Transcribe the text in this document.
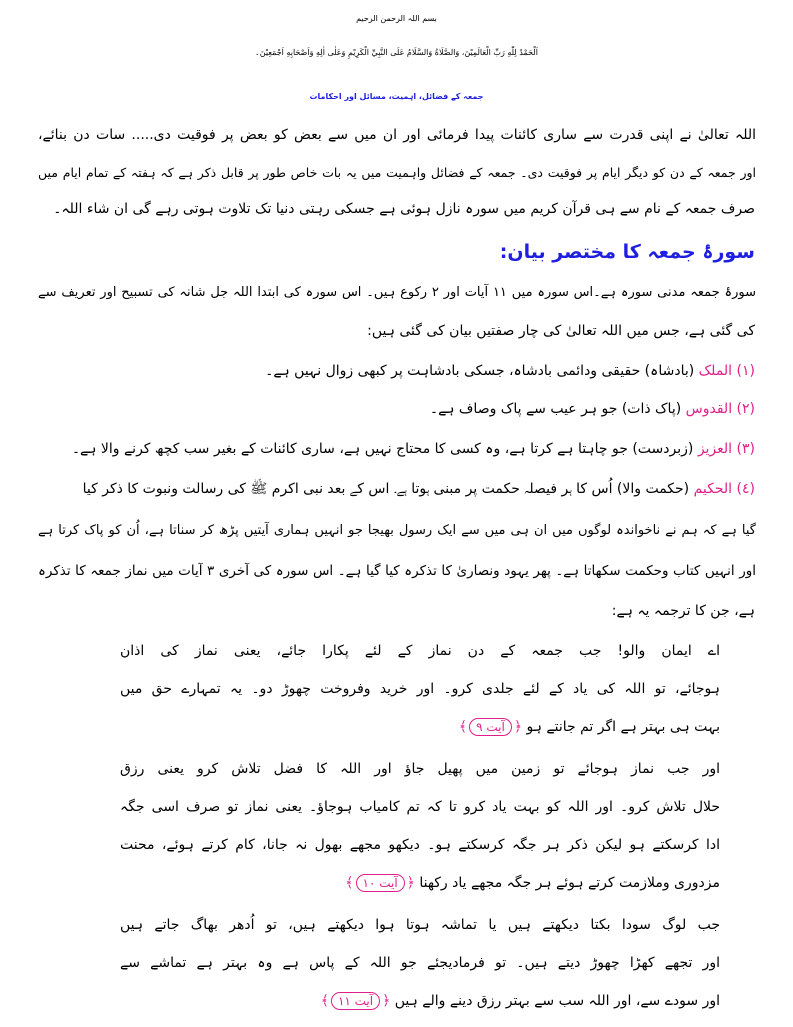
بسم اللہ الرحمن الرحیم
اَلْحَمْدُ لِلّٰهِ رَبِّ الْعَالَمِيْنَ، وَالصَّلَاةُ وَالسَّلَامُ عَلَى النَّبِيِّ الْكَرِيْمِ وَعَلٰى اٰلِهِ وَاَصْحَابِهِ اَجْمَعِيْنَ۔
جمعہ کے فضائل، اہمیت، مسائل اور احکامات
اللہ تعالیٰ نے اپنی قدرت سے ساری کائنات پیدا فرمائی اور ان میں سے بعض کو بعض پر فوقیت دی..... سات دن بنائے،
اور جمعہ کے دن کو دیگر ایام پر فوقیت دی۔ جمعہ کے فضائل واہمیت میں یہ بات خاص طور پر قابل ذکر ہے کہ ہفتہ کے تمام ایام میں
صرف جمعہ کے نام سے ہی قرآن کریم میں سورہ نازل ہوئی ہے جسکی رہتی دنیا تک تلاوت ہوتی رہے گی ان شاء اللہ۔
سورۂ جمعہ کا مختصر بیان:
سورۂ جمعہ مدنی سورہ ہے۔اس سورہ میں ١١ آیات اور ٢ رکوع ہیں۔ اس سورہ کی ابتدا اللہ جل شانہ کی تسبیح اور تعریف سے
کی گئی ہے، جس میں اللہ تعالیٰ کی چار صفتیں بیان کی گئی ہیں:
(١) الملک (بادشاہ) حقیقی ودائمی بادشاہ، جسکی بادشاہت پر کبھی زوال نہیں ہے۔
(٢) القدوس (پاک ذات) جو ہر عیب سے پاک وصاف ہے۔
(٣) العزیز (زبردست) جو چاہتا ہے کرتا ہے، وہ کسی کا محتاج نہیں ہے، ساری کائنات کے بغیر سب کچھ کرنے والا ہے۔
(٤) الحکیم (حکمت والا) اُس کا ہر فیصلہ حکمت پر مبنی ہوتا ہے۔ اس کے بعد نبی اکرم ﷺ کی رسالت ونبوت کا ذکر کیا
گیا ہے کہ ہم نے ناخواندہ لوگوں میں ان ہی میں سے ایک رسول بھیجا جو انہیں ہماری آیتیں پڑھ کر سناتا ہے، اُن کو پاک کرتا ہے
اور انہیں کتاب وحکمت سکھاتا ہے۔ پھر یہود ونصاریٰ کا تذکرہ کیا گیا ہے۔ اس سورہ کی آخری ٣ آیات میں نماز جمعہ کا تذکرہ
ہے، جن کا ترجمہ یہ ہے:
اے ایمان والو! جب جمعہ کے دن نماز کے لئے پکارا جائے، یعنی نماز کی اذان
ہوجائے، تو اللہ کی یاد کے لئے جلدی کرو۔ اور خرید وفروخت چھوڑ دو۔ یہ تمہارے حق میں
بہت ہی بہتر ہے اگر تم جانتے ہو ﴿آیت ٩﴾
اور جب نماز ہوجائے تو زمین میں پھیل جاؤ اور اللہ کا فضل تلاش کرو یعنی رزق
حلال تلاش کرو۔ اور اللہ کو بہت یاد کرو تا کہ تم کامیاب ہوجاؤ۔ یعنی نماز تو صرف اسی جگہ
ادا کرسکتے ہو لیکن ذکر ہر جگہ کرسکتے ہو۔ دیکھو مجھے بھول نہ جانا، کام کرتے ہوئے، محنت
مزدوری وملازمت کرتے ہوئے ہر جگہ مجھے یاد رکھنا ﴿آیت ١٠﴾
جب لوگ سودا بکتا دیکھتے ہیں یا تماشہ ہوتا ہوا دیکھتے ہیں، تو اُدھر بھاگ جاتے ہیں
اور تجھے کھڑا چھوڑ دیتے ہیں۔ تو فرمادیجئے جو اللہ کے پاس ہے وہ بہتر ہے تماشے سے
اور سودے سے، اور اللہ سب سے بہتر رزق دینے والے ہیں ﴿آیت ١١﴾
